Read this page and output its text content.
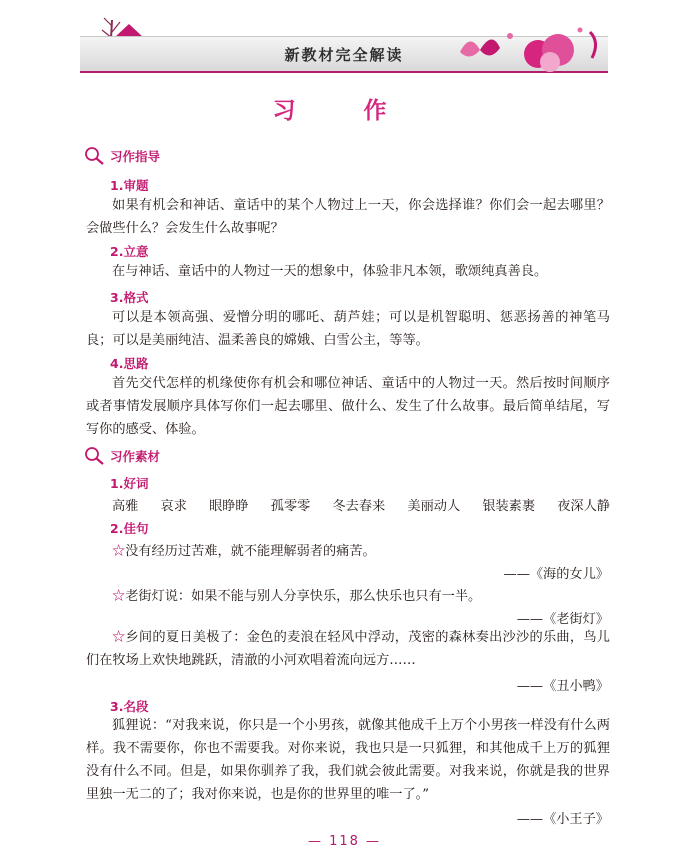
新教材完全解读
习 作
习作指导
1.审题

如果有机会和神话、童话中的某个人物过上一天，你会选择谁？你们会一起去哪里？会做些什么？会发生什么故事呢？

2.立意

在与神话、童话中的人物过一天的想象中，体验非凡本领，歌颂纯真善良。

3.格式

可以是本领高强、爱憎分明的哪吒、葫芦娃；可以是机智聪明、惩恶扬善的神笔马良；可以是美丽纯洁、温柔善良的嫦娥、白雪公主，等等。

4.思路

首先交代怎样的机缘使你有机会和哪位神话、童话中的人物过一天。然后按时间顺序或者事情发展顺序具体写你们一起去哪里、做什么、发生了什么故事。最后简单结尾，写写你的感受、体验。

习作素材
1.好词
高雅 哀求 眼睁睁 孤零零 冬去春来 美丽动人 银装素裹 夜深人静
2.佳句
☆没有经历过苦难，就不能理解弱者的痛苦。
——《海的女儿》
☆老街灯说：如果不能与别人分享快乐，那么快乐也只有一半。
——《老街灯》

☆乡间的夏日美极了：金色的麦浪在轻风中浮动，茂密的森林奏出沙沙的乐曲，鸟儿们在牧场上欢快地跳跃，清澈的小河欢唱着流向远方……

——《丑小鸭》
3.名段

狐狸说：“对我来说，你只是一个小男孩，就像其他成千上万个小男孩一样没有什么两样。我不需要你，你也不需要我。对你来说，我也只是一只狐狸，和其他成千上万的狐狸没有什么不同。但是，如果你驯养了我，我们就会彼此需要。对我来说，你就是我的世界里独一无二的了；我对你来说，也是你的世界里的唯一了。”

——《小王子》
— 118 —
